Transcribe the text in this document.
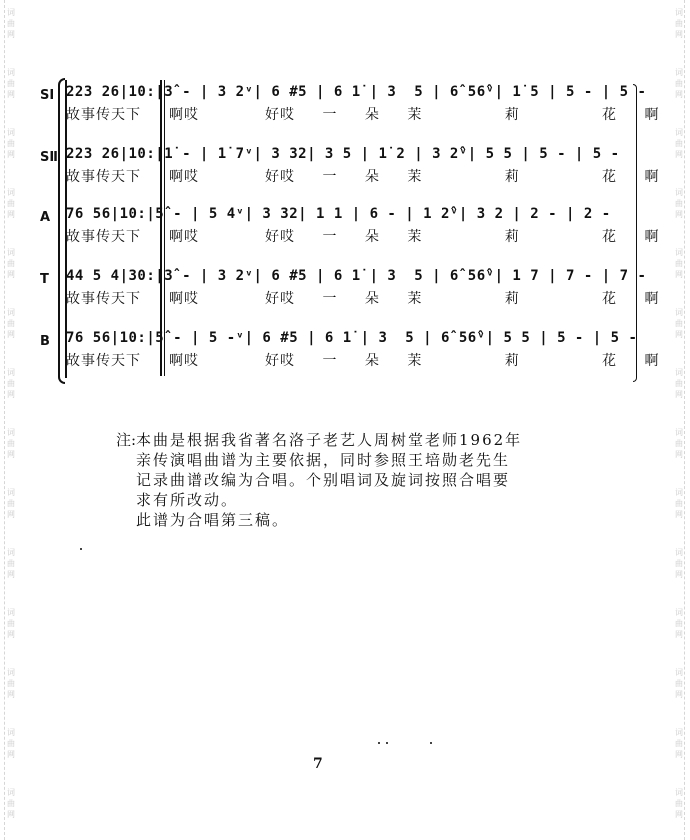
词
曲
网
词
曲
网
词
曲
网
词
曲
网
词
曲
网
词
曲
网
词
曲
网
词
曲
网
词
曲
网
词
曲
网
词
曲
网
词
曲
网
词
曲
网
词
曲
网
词
曲
网
词
曲
网
词
曲
网
词
曲
网
词
曲
网
词
曲
网
词
曲
网
词
曲
网
词
曲
网
词
曲
网
词
曲
网
词
曲
网
词
曲
网
词
曲
网
SⅠ 223 26|10:|3̂ - | 3 2ᵛ| 6 #5 | 6 1̇ | 3  5 | 6̂ 56̂ᵛ| 1̇ 5 | 5 - | 5 -

故事传天下

啊哎

	好哎 一 朵 茉   莉   花 啊

SⅡ 223 26|10:|1̇ - | 1̇ 7ᵛ| 3 32| 3 5 | 1̇ 2 | 3 2̂ᵛ| 5 5 | 5 - | 5 -

故事传天下

啊哎

	好哎 一 朵 茉   莉   花 啊

A 76 56|10:|5̂ - | 5 4ᵛ| 3 32| 1 1 | 6 - | 1 2̂ᵛ| 3 2 | 2 - | 2 -

故事传天下

啊哎

	好哎 一 朵 茉   莉   花 啊

T 44 5 4|30:|3̂ - | 3 2ᵛ| 6 #5 | 6 1̇ | 3  5 | 6̂ 56̂ᵛ| 1 7 | 7 - | 7 -

故事传天下

啊哎

	好哎 一 朵 茉   莉   花 啊

B 76 56|10:|5̂ - | 5 -ᵛ| 6 #5 | 6 1̇ | 3  5 | 6̂ 56̂ᵛ| 5 5 | 5 - | 5 -

故事传天下

啊哎

	好哎 一 朵 茉   莉   花 啊

注: 本曲是根据我省著名洛子老艺人周树堂老师1962年
亲传演唱曲谱为主要依据，同时参照王培勋老先生
记录曲谱改编为合唱。个别唱词及旋词按照合唱要
求有所改动。
此谱为合唱第三稿。
7
